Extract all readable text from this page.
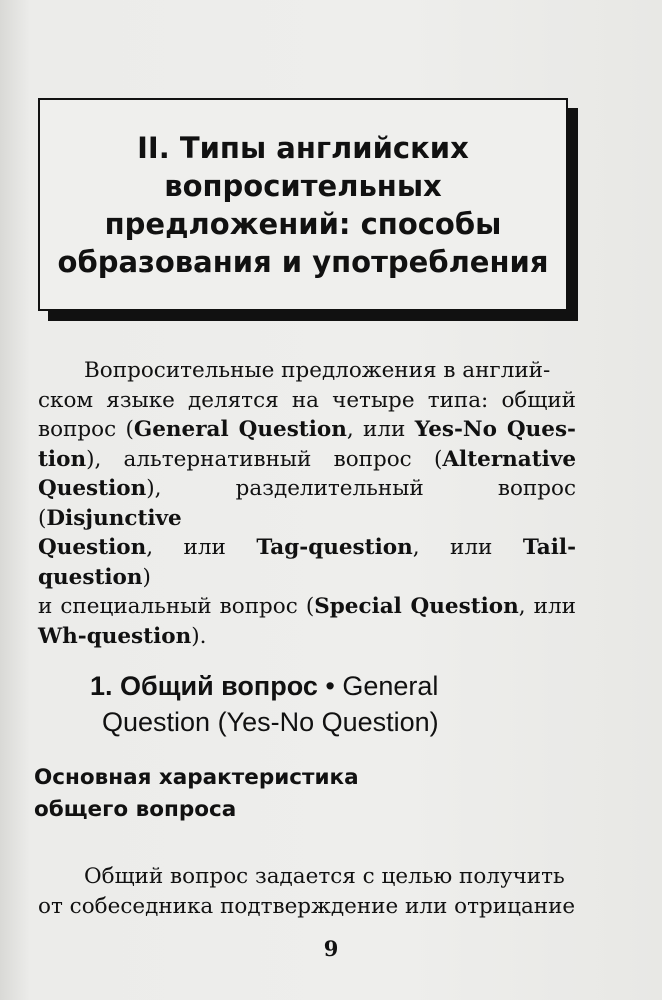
II. Типы английских
вопросительных
предложений: способы
образования и употребления
Вопросительные предложения в англий-
ском языке делятся на четыре типа: общий
вопрос (General Question, или Yes-No Ques-
tion), альтернативный вопрос (Alternative
Question), разделительный вопрос (Disjunctive
Question, или Tag-question, или Tail-question)
и специальный вопрос (Special Question, или
Wh-question).
1. Общий вопрос • General
Question (Yes-No Question)
Основная характеристика
общего вопроса
Общий вопрос задается с целью получить
от собеседника подтверждение или отрицание
9
